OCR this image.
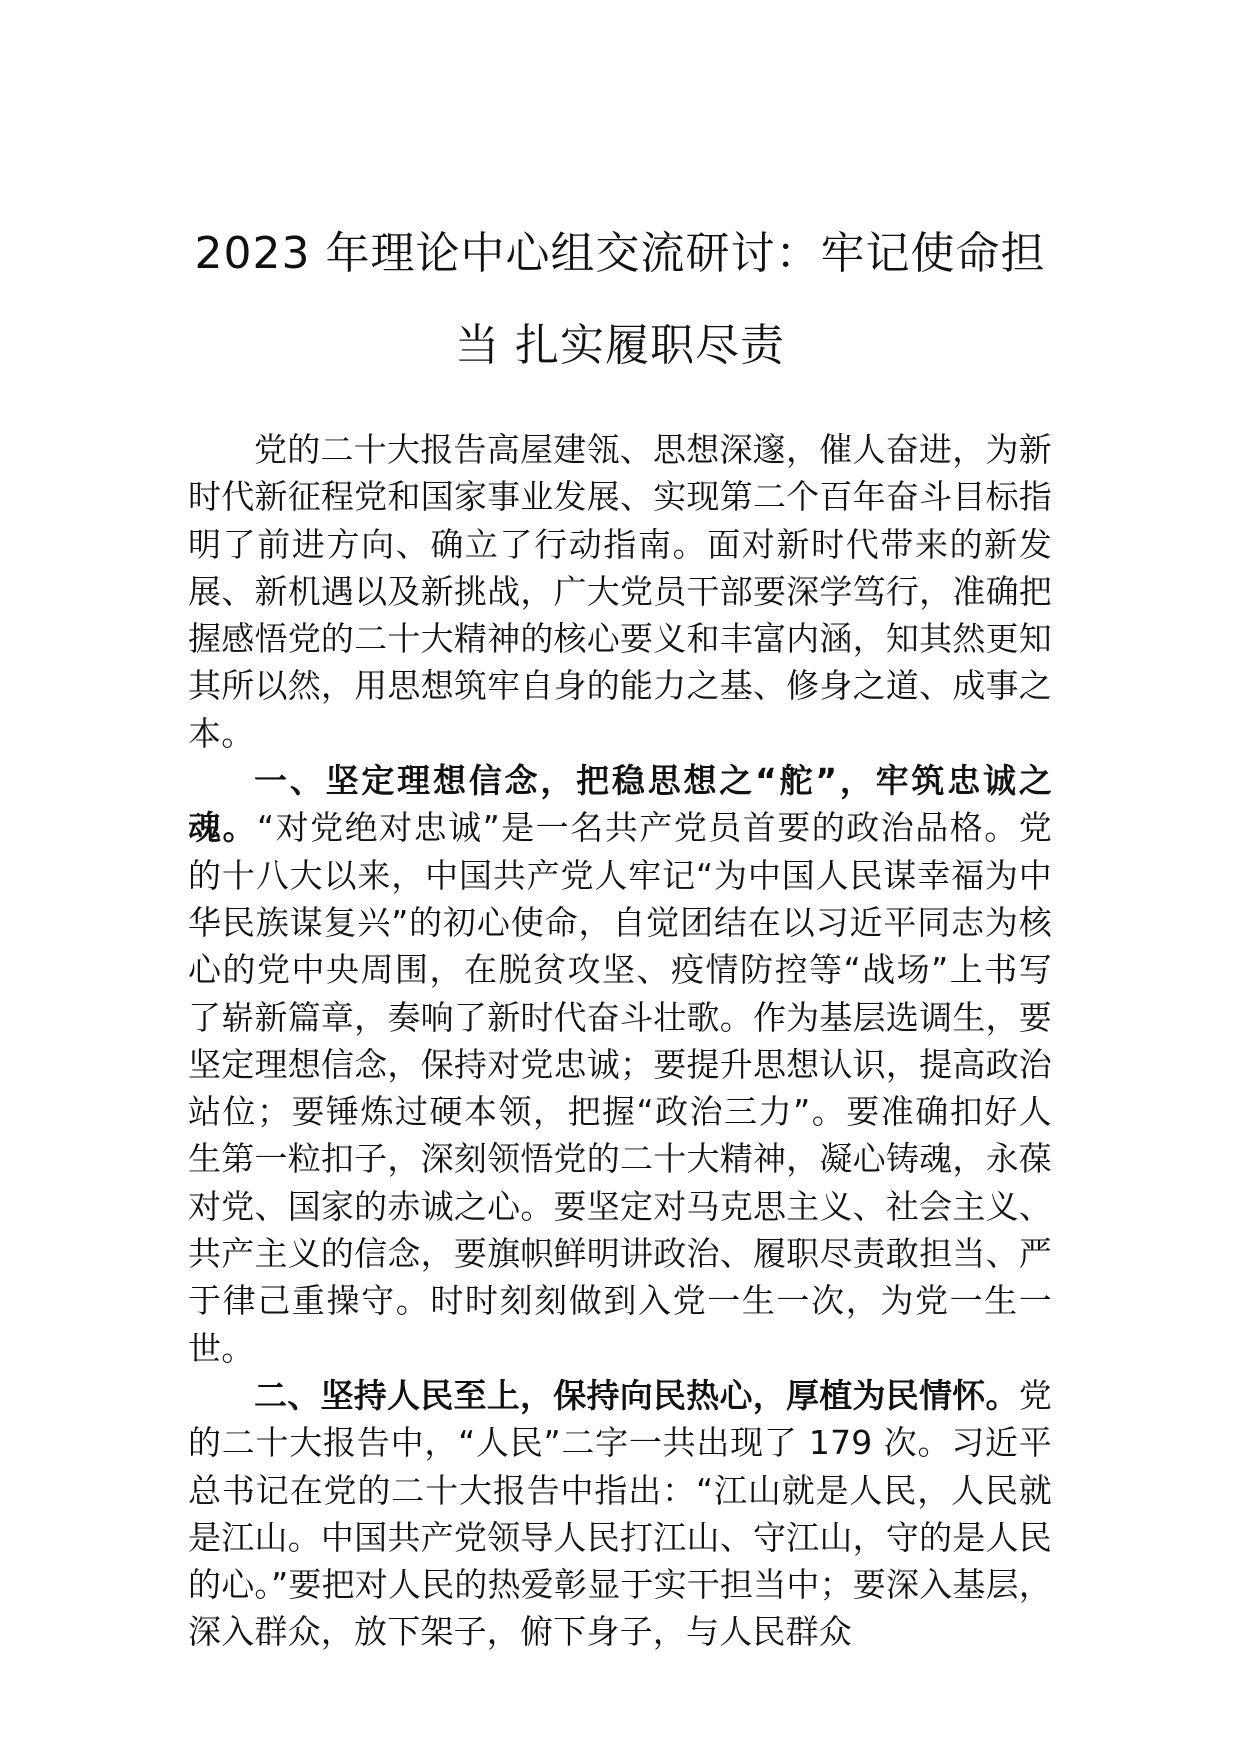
2023 年理论中心组交流研讨：牢记使命担
当 扎实履职尽责

党的二十大报告高屋建瓴、思想深邃，催人奋进，为新时代新征程党和国家事业发展、实现第二个百年奋斗目标指明了前进方向、确立了行动指南。面对新时代带来的新发展、新机遇以及新挑战，广大党员干部要深学笃行，准确把握感悟党的二十大精神的核心要义和丰富内涵，知其然更知其所以然，用思想筑牢自身的能力之基、修身之道、成事之本。

一、坚定理想信念，把稳思想之“舵”，牢筑忠诚之魂。“对党绝对忠诚”是一名共产党员首要的政治品格。党的十八大以来，中国共产党人牢记“为中国人民谋幸福为中华民族谋复兴”的初心使命，自觉团结在以习近平同志为核心的党中央周围，在脱贫攻坚、疫情防控等“战场”上书写了崭新篇章，奏响了新时代奋斗壮歌。作为基层选调生，要坚定理想信念，保持对党忠诚；要提升思想认识，提高政治站位；要锤炼过硬本领，把握“政治三力”。要准确扣好人生第一粒扣子，深刻领悟党的二十大精神，凝心铸魂，永葆对党、国家的赤诚之心。要坚定对马克思主义、社会主义、共产主义的信念，要旗帜鲜明讲政治、履职尽责敢担当、严于律己重操守。时时刻刻做到入党一生一次，为党一生一世。

二、坚持人民至上，保持向民热心，厚植为民情怀。党的二十大报告中，“人民”二字一共出现了 179 次。习近平总书记在党的二十大报告中指出：“江山就是人民，人民就是江山。中国共产党领导人民打江山、守江山，守的是人民的心。”要把对人民的热爱彰显于实干担当中；要深入基层，深入群众，放下架子，俯下身子，与人民群众
